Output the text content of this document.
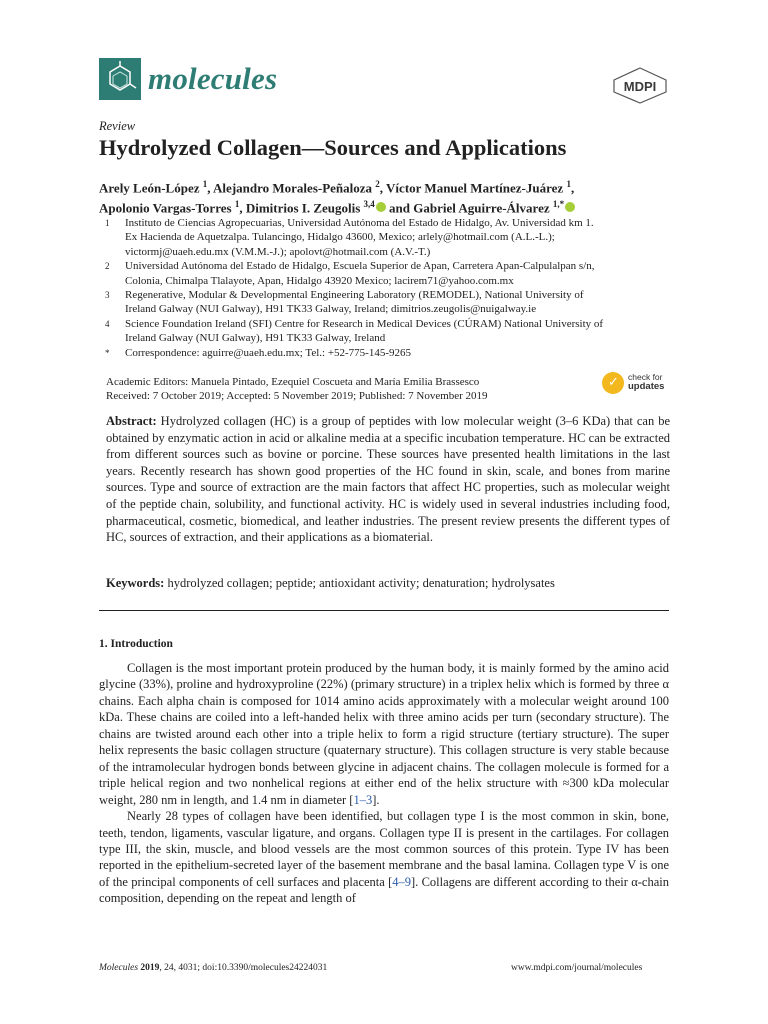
molecules	MDPI
Review
Hydrolyzed Collagen—Sources and Applications
Arely León-López $^1$, Alejandro Morales-Peñaloza $^2$, Víctor Manuel Martínez-Juárez $^1$,
Apolonio Vargas-Torres $^1$, Dimitrios I. Zeugolis $^{3,4}$ and Gabriel Aguirre-Álvarez $^{1,*}$
1	Instituto de Ciencias Agropecuarias, Universidad Autónoma del Estado de Hidalgo, Av. Universidad km 1.
Ex Hacienda de Aquetzalpa. Tulancingo, Hidalgo 43600, Mexico; arlely@hotmail.com (A.L.-L.);
victormj@uaeh.edu.mx (V.M.M.-J.); apolovt@hotmail.com (A.V.-T.)
2	Universidad Autónoma del Estado de Hidalgo, Escuela Superior de Apan, Carretera Apan-Calpulalpan s/n,
Colonia, Chimalpa Tlalayote, Apan, Hidalgo 43920 Mexico; lacirem71@yahoo.com.mx
3	Regenerative, Modular & Developmental Engineering Laboratory (REMODEL), National University of
Ireland Galway (NUI Galway), H91 TK33 Galway, Ireland; dimitrios.zeugolis@nuigalway.ie
4	Science Foundation Ireland (SFI) Centre for Research in Medical Devices (CÚRAM) National University of
Ireland Galway (NUI Galway), H91 TK33 Galway, Ireland
*	Correspondence: aguirre@uaeh.edu.mx; Tel.: +52-775-145-9265
Academic Editors: Manuela Pintado, Ezequiel Coscueta and María Emilia Brassesco
Received: 7 October 2019; Accepted: 5 November 2019; Published: 7 November 2019
✓ check for
updates
Abstract: Hydrolyzed collagen (HC) is a group of peptides with low molecular weight (3–6 KDa) that can be obtained by enzymatic action in acid or alkaline media at a specific incubation temperature. HC can be extracted from different sources such as bovine or porcine. These sources have presented health limitations in the last years. Recently research has shown good properties of the HC found in skin, scale, and bones from marine sources. Type and source of extraction are the main factors that affect HC properties, such as molecular weight of the peptide chain, solubility, and functional activity. HC is widely used in several industries including food, pharmaceutical, cosmetic, biomedical, and leather industries. The present review presents the different types of HC, sources of extraction, and their applications as a biomaterial.
Keywords: hydrolyzed collagen; peptide; antioxidant activity; denaturation; hydrolysates
1. Introduction

Collagen is the most important protein produced by the human body, it is mainly formed by the amino acid glycine (33%), proline and hydroxyproline (22%) (primary structure) in a triplex helix which is formed by three α chains. Each alpha chain is composed for 1014 amino acids approximately with a molecular weight around 100 kDa. These chains are coiled into a left-handed helix with three amino acids per turn (secondary structure). The chains are twisted around each other into a triple helix to form a rigid structure (tertiary structure). The super helix represents the basic collagen structure (quaternary structure). This collagen structure is very stable because of the intramolecular hydrogen bonds between glycine in adjacent chains. The collagen molecule is formed for a triple helical region and two nonhelical regions at either end of the helix structure with ≈300 kDa molecular weight, 280 nm in length, and 1.4 nm in diameter [1–3].

Nearly 28 types of collagen have been identified, but collagen type I is the most common in skin, bone, teeth, tendon, ligaments, vascular ligature, and organs. Collagen type II is present in the cartilages. For collagen type III, the skin, muscle, and blood vessels are the most common sources of this protein. Type IV has been reported in the epithelium-secreted layer of the basement membrane and the basal lamina. Collagen type V is one of the principal components of cell surfaces and placenta [4–9]. Collagens are different according to their α-chain composition, depending on the repeat and length of

Molecules 2019, 24, 4031; doi:10.3390/molecules24224031	www.mdpi.com/journal/molecules
